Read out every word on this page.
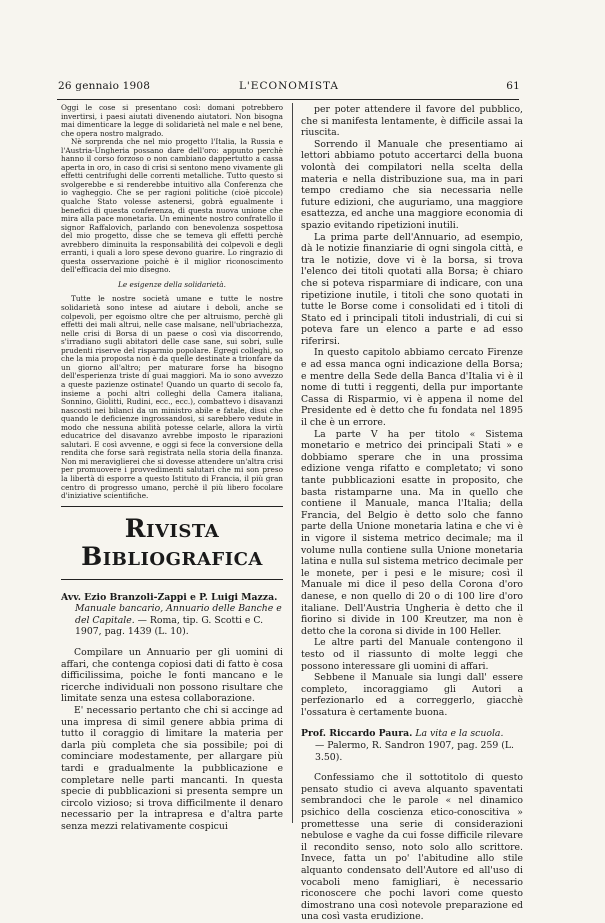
26 gennaio 1908	L'ECONOMISTA	61

Oggi le cose si presentano così: domani potrebbero invertirsi, i paesi aiutati divenendo aiutatori. Non bisogna mai dimenticare la legge di solidarietà nel male e nel bene, che opera nostro malgrado.

Nè sorprenda che nel mio progetto l'Italia, la Russia e l'Austria-Ungheria possano dare dell'oro: appunto perchè hanno il corso forzoso o non cambiano dappertutto a cassa aperta in oro, in caso di crisi si sentono meno vivamente gli effetti centrifughi delle correnti metalliche. Tutto questo si svolgerebbe e si renderebbe intuitivo alla Conferenza che io vagheggio. Che se per ragioni politiche (cioè piccole) qualche Stato volesse astenersi, gobrà egualmente i benefici di questa conferenza, di questa nuova unione che mira alla pace monetaria. Un eminente nostro confratello il signor Raffalovich, parlando con benevolenza sospettosa del mio progetto, disse che se temeva gli effetti perchè avrebbero diminuita la responsabilità dei colpevoli e degli erranti, i quali a loro spese devono guarire. Lo ringrazio di questa osservazione poichè è il miglior riconoscimento dell'efficacia del mio disegno.

Le esigenze della solidarietà.

Tutte le nostre società umane e tutte le nostre solidarietà sono intese ad aiutare i deboli, anche se colpevoli, per egoismo oltre che per altruismo, perchè gli effetti dei mali altrui, nelle case malsane, nell'ubriachezza, nelle crisi di Borsa di un paese o così via discorrendo, s'irradiano sugli abitatori delle case sane, sui sobri, sulle prudenti riserve del risparmio popolare. Egregi colleghi, so che la mia proposta non è da quelle destinate a trionfare da un giorno all'altro; per maturare forse ha bisogno dell'esperienza triste di guai maggiori. Ma io sono avvezzo a queste pazienze ostinate! Quando un quarto di secolo fa, insieme a pochi altri colleghi della Camera italiana, Sonnino, Giolitti, Rudini, ecc., ecc.), combattevo i disavanzi nascosti nei bilanci da un ministro abile e fatale, dissi che quando le deficienze ingrossandosi, si sarebbero vedute in modo che nessuna abilità potesse celarle, allora la virtù educatrice del disavanzo avrebbe imposto le riparazioni salutari. E così avvenne, e oggi si fece la conversione della rendita che forse sarà registrata nella storia della finanza. Non mi meraviglierei che si dovesse attendere un'altra crisi per promuovere i provvedimenti salutari che mi son preso la libertà di esporre a questo Istituto di Francia, il più gran centro di progresso umano, perchè il più libero focolare d'iniziative scientifiche.

Rivista Bibliografica
Avv. Ezio Branzoli-Zappi e P. Luigi Mazza.
Manuale bancario, Annuario delle Banche e del Capitale. — Roma, tip. G. Scotti e C. 1907, pag. 1439 (L. 10).

Compilare un Annuario per gli uomini di affari, che contenga copiosi dati di fatto è cosa difficilissima, poiche le fonti mancano e le ricerche individuali non possono risultare che limitate senza una estesa collaborazione.

E' necessario pertanto che chi si accinge ad una impresa di simil genere abbia prima di tutto il coraggio di limitare la materia per darla più completa che sia possibile; poi di cominciare modestamente, per allargare più tardi e gradualmente la pubblicazione e completare nelle parti mancanti. In questa specie di pubblicazioni si presenta sempre un circolo vizioso; si trova difficilmente il denaro necessario per la intrapresa e d'altra parte senza mezzi relativamente cospicui

per poter attendere il favore del pubblico, che si manifesta lentamente, è difficile assai la riuscita.

Sorrendo il Manuale che presentiamo ai lettori abbiamo potuto accertarci della buona volontà dei compilatori nella scelta della materia e nella distribuzione sua, ma in pari tempo crediamo che sia necessaria nelle future edizioni, che auguriamo, una maggiore esattezza, ed anche una maggiore economia di spazio evitando ripetizioni inutili.

La prima parte dell'Annuario, ad esempio, dà le notizie finanziarie di ogni singola città, e tra le notizie, dove vi è la borsa, si trova l'elenco dei titoli quotati alla Borsa; è chiaro che si poteva risparmiare di indicare, con una ripetizione inutile, i titoli che sono quotati in tutte le Borse come i consolidati ed i titoli di Stato ed i principali titoli industriali, di cui si poteva fare un elenco a parte e ad esso riferirsi.

In questo capitolo abbiamo cercato Firenze e ad essa manca ogni indicazione della Borsa; e mentre della Sede della Banca d'Italia vi è il nome di tutti i reggenti, della pur importante Cassa di Risparmio, vi è appena il nome del Presidente ed è detto che fu fondata nel 1895 il che è un errore.

La parte V ha per titolo « Sistema monetario e metrico dei principali Stati » e dobbiamo sperare che in una prossima edizione venga rifatto e completato; vi sono tante pubblicazioni esatte in proposito, che basta ristamparne una. Ma in quello che contiene il Manuale, manca l'Italia; della Francia, del Belgio è detto solo che fanno parte della Unione monetaria latina e che vi è in vigore il sistema metrico decimale; ma il volume nulla contiene sulla Unione monetaria latina e nulla sul sistema metrico decimale per le monete, per i pesi e le misure; così il Manuale mi dice il peso della Corona d'oro danese, e non quello di 20 o di 100 lire d'oro italiane. Dell'Austria Ungheria è detto che il fiorino si divide in 100 Kreutzer, ma non è detto che la corona si divide in 100 Heller.

Le altre parti del Manuale contengono il testo od il riassunto di molte leggi che possono interessare gli uomini di affari.

Sebbene il Manuale sia lungi dall' essere completo, incoraggiamo gli Autori a perfezionarlo ed a correggerlo, giacchè l'ossatura è certamente buona.

Prof. Riccardo Paura. La vita e la scuola.
— Palermo, R. Sandron 1907, pag. 259 (L. 3.50).

Confessiamo che il sottotitolo di questo pensato studio ci aveva alquanto spaventati sembrandoci che le parole « nel dinamico psichico della coscienza etico-conoscitiva » promettesse una serie di considerazioni nebulose e vaghe da cui fosse difficile rilevare il recondito senso, noto solo allo scrittore. Invece, fatta un po' l'abitudine allo stile alquanto condensato dell'Autore ed all'uso di vocaboli meno famigliari, è necessario riconoscere che pochi lavori come questo dimostrano una così notevole preparazione ed una così vasta erudizione.
